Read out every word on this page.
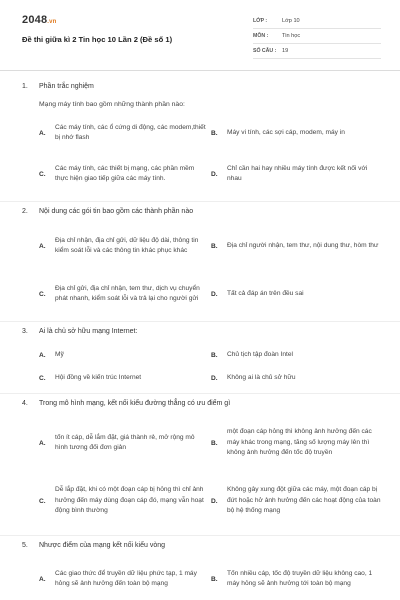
2048.vn
Đề thi giữa kì 2 Tin học 10 Lần 2 (Đề số 1)
LỚP :	Lớp 10
MÔN :	Tin học
SỐ CÂU :	19
1. Phần trắc nghiệm
Mạng máy tính bao gồm những thành phần nào:
A.
Các máy tính, các ổ cứng di động, các modem,thiết bị nhớ flash
B.	Máy vi tính, các sợi cáp, modem, máy in
C.
Các máy tính, các thiết bị mạng, các phần mềm thực hiện giao tiếp giữa các máy tính.
D.
Chỉ cần hai hay nhiều máy tính được kết nối với nhau
2. Nội dung các gói tin bao gồm các thành phần nào
A.
Địa chỉ nhận, địa chỉ gửi, dữ liệu độ dài, thông tin kiểm soát lỗi và các thông tin khác phục khác
B.	Địa chỉ người nhận, tem thư, nội dung thư, hòm thư
C.
Địa chỉ gửi, địa chỉ nhận, tem thư, dịch vụ chuyển phát nhanh, kiểm soát lỗi và trả lại cho người gửi
D.	Tất cả đáp án trên đều sai
3. Ai là chủ sở hữu mạng Internet:
A.	Mỹ	B.	Chủ tịch tập đoàn Intel
C.	Hội đồng về kiến trúc Internet	D.	Không ai là chủ sở hữu
4. Trong mô hình mạng, kết nối kiểu đường thẳng có ưu điểm gì
A.
tốn ít cáp, dễ lắm đặt, giá thành rẻ, mở rộng mô hình tương đối đơn giản
B.
một đoạn cáp hỏng thì không ảnh hưởng đến các máy khác trong mạng, tăng số lượng máy lên thì không ảnh hưởng đến tốc độ truyền
C.
Dễ lắp đặt, khi có một đoạn cáp bị hỏng thì chỉ ảnh hưởng đến máy dùng đoạn cáp đó, mạng vẫn hoạt động bình thường
D.
Không gây xung đột giữa các máy, một đoạn cáp bị đứt hoặc hở ảnh hưởng đến các hoạt động của toàn bộ hệ thống mạng
5. Nhược điểm của mạng kết nối kiểu vòng
A.
Các giao thức để truyền dữ liệu phức tạp, 1 máy hỏng sẽ ảnh hưởng đến toàn bộ mạng
B.
Tốn nhiều cáp, tốc độ truyền dữ liệu không cao, 1 máy hỏng sẽ ảnh hưởng tới toàn bộ mạng
